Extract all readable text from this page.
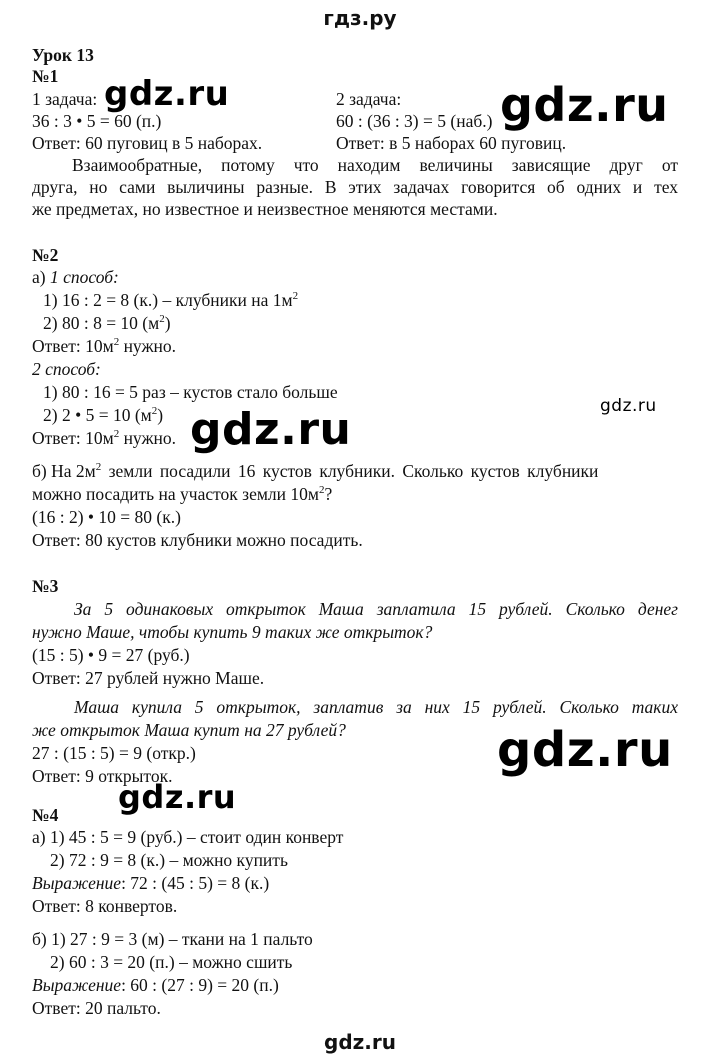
гдз.ру
Урок 13
№1
1 задача:	2 задача:
36 : 3 • 5 = 60 (п.)	60 : (36 : 3) = 5 (наб.)
Ответ: 60 пуговиц в 5 наборах.	Ответ: в 5 наборах 60 пуговиц.
Взаимообратные, потому что находим величины зависящие друг от
друга, но сами выличины разные. В этих задачах говорится об одних и тех
же предметах, но известное и неизвестное меняются местами.
№2
а) 1 способ:
1) 16 : 2 = 8 (к.) – клубники на $1м^2$
2) 80 : 8 = 10 $(м^2)$
Ответ: $10м^2$ нужно.
2 способ:
1) 80 : 16 = 5 раз – кустов стало больше
2) 2 • 5 = 10 $(м^2)$
Ответ: $10м^2$ нужно.
б) На $2м^2$ земли посадили 16 кустов клубники. Сколько кустов клубники
можно посадить на участок земли $10м^2$?
(16 : 2) • 10 = 80 (к.)
Ответ: 80 кустов клубники можно посадить.
№3
За 5 одинаковых открыток Маша заплатила 15 рублей. Сколько денег
нужно Маше, чтобы купить 9 таких же открыток?
(15 : 5) • 9 = 27 (руб.)
Ответ: 27 рублей нужно Маше.
Маша купила 5 открыток, заплатив за них 15 рублей. Сколько таких
же открыток Маша купит на 27 рублей?
27 : (15 : 5) = 9 (откр.)
Ответ: 9 открыток.
№4
а) 1) 45 : 5 = 9 (руб.) – стоит один конверт
2) 72 : 9 = 8 (к.) – можно купить
Выражение: 72 : (45 : 5) = 8 (к.)
Ответ: 8 конвертов.
б) 1) 27 : 9 = 3 (м) – ткани на 1 пальто
2) 60 : 3 = 20 (п.) – можно сшить
Выражение: 60 : (27 : 9) = 20 (п.)
Ответ: 20 пальто.
gdz.ru	gdz.ru
gdz.ru
gdz.ru
gdz.ru
gdz.ru
gdz.ru
